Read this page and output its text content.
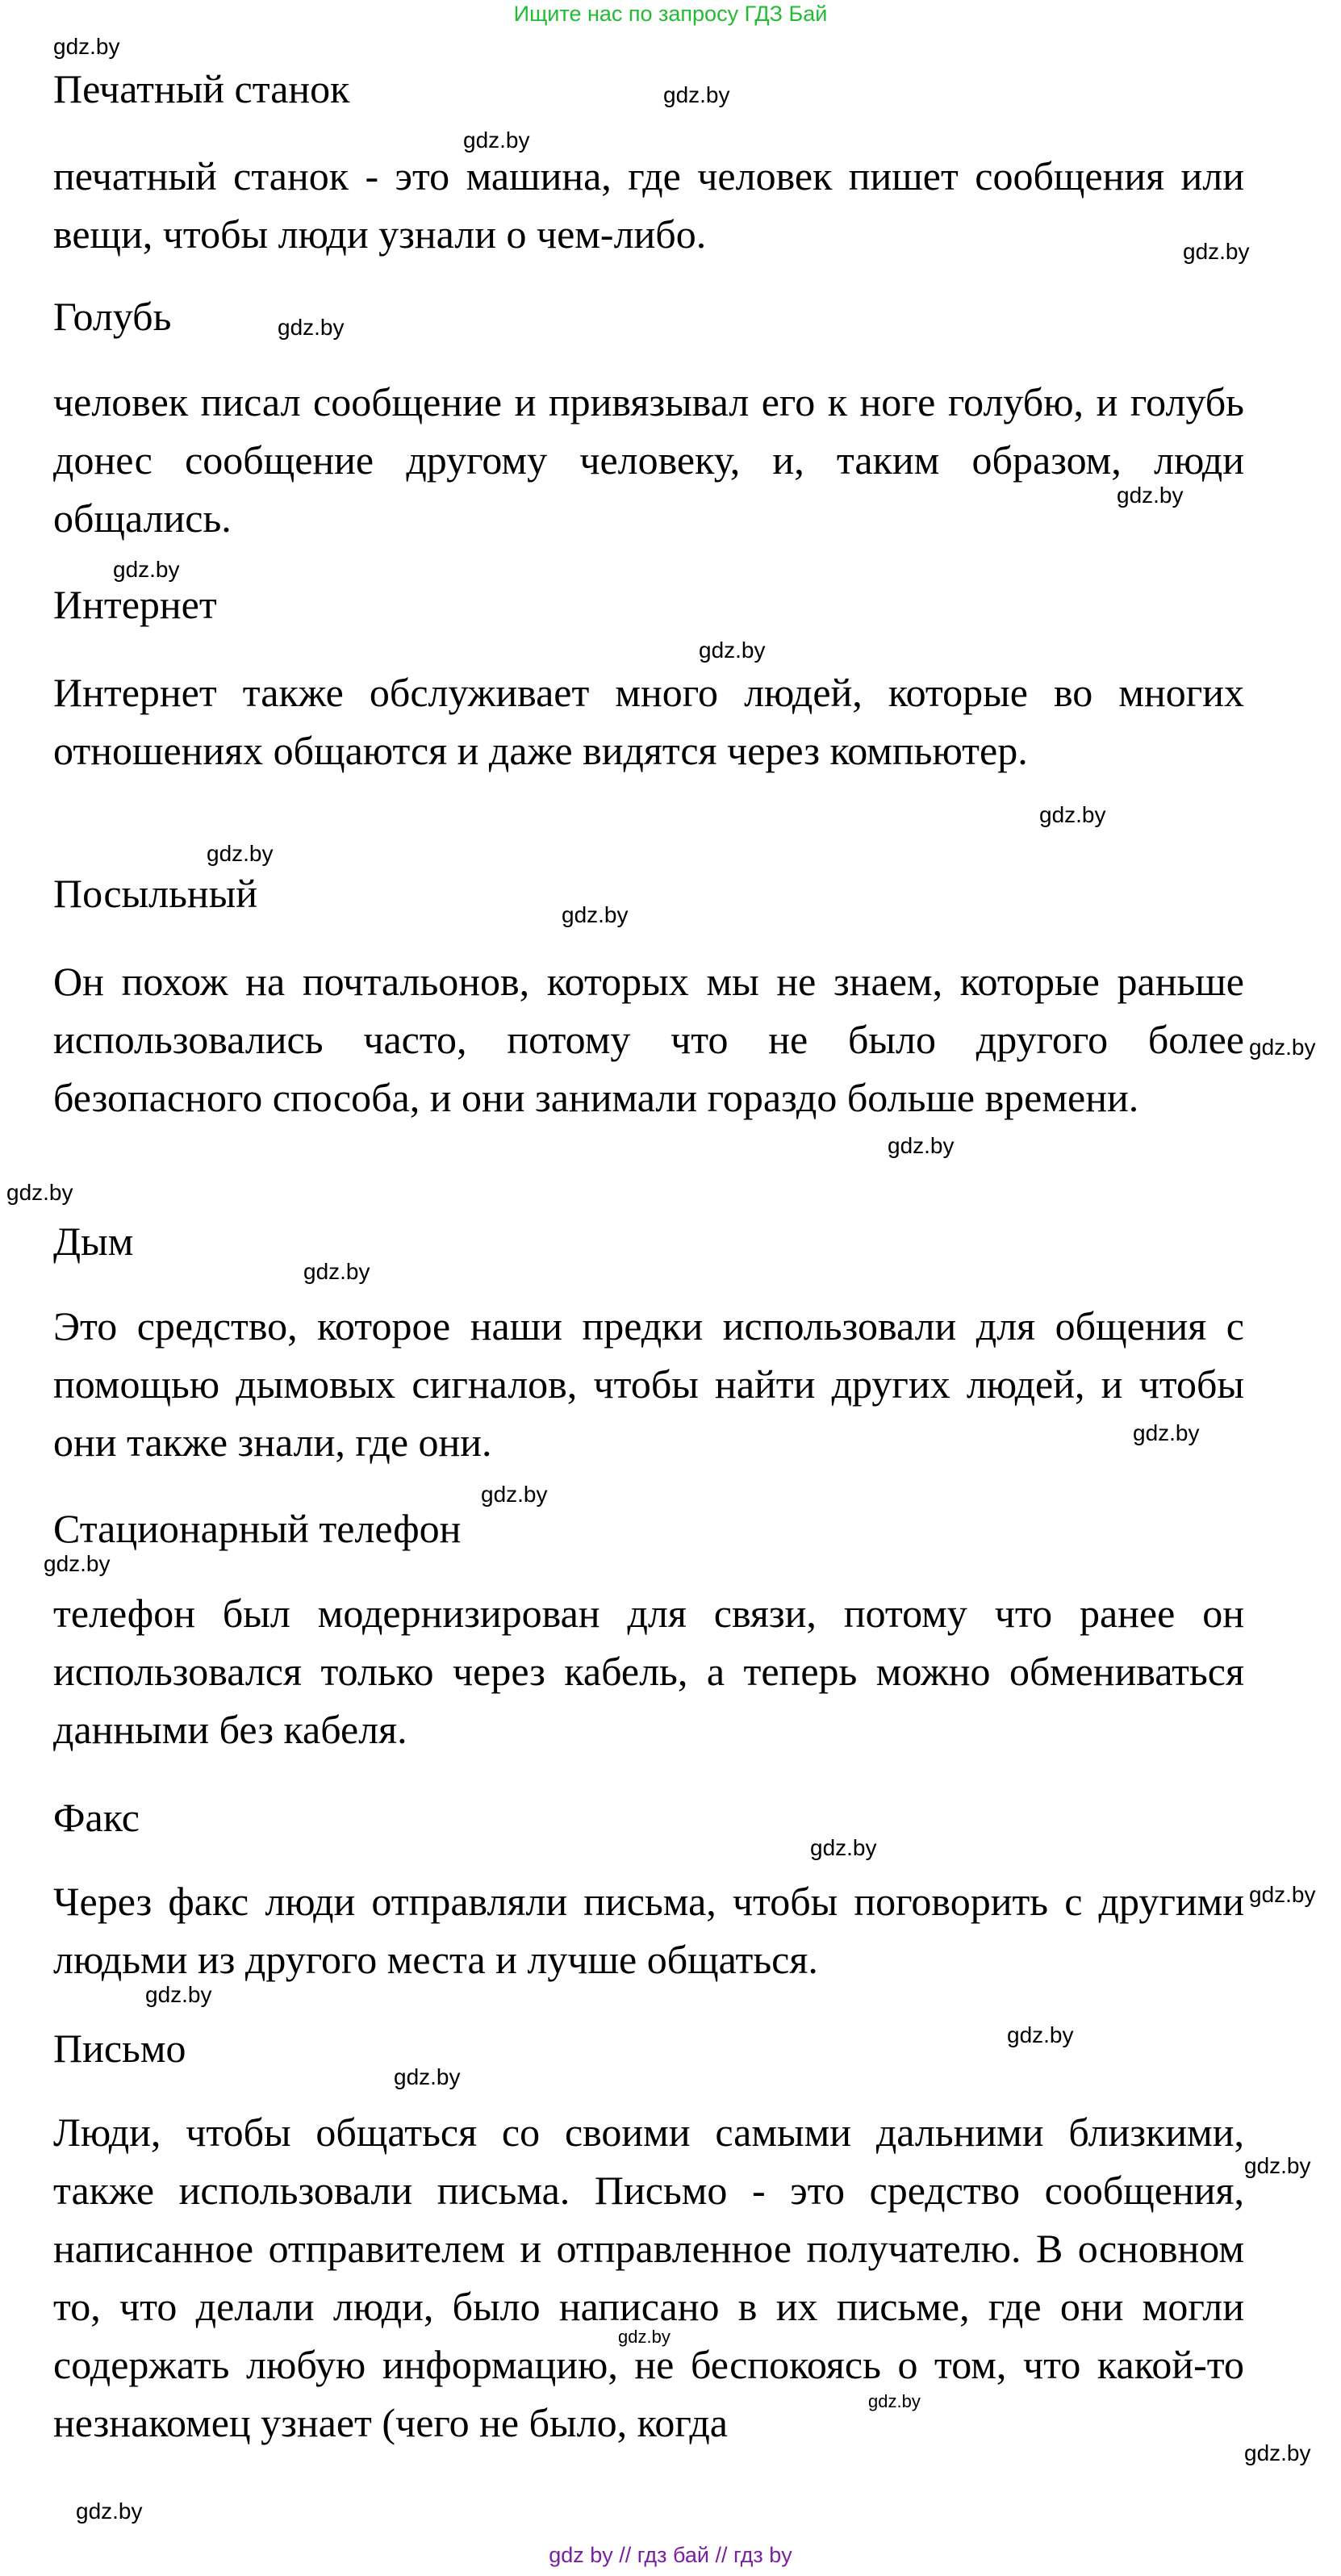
Ищите нас по запросу ГДЗ Бай
Печатный станок
печатный станок - это машина, где человек пишет сообщения или вещи, чтобы люди узнали о чем-либо.
Голубь
человек писал сообщение и привязывал его к ноге голубю, и голубь донес сообщение другому человеку, и, таким образом, люди общались.
Интернет
Интернет также обслуживает много людей, которые во многих отношениях общаются и даже видятся через компьютер.
Посыльный
Он похож на почтальонов, которых мы не знаем, которые раньше использовались часто, потому что не было другого более безопасного способа, и они занимали гораздо больше времени.
Дым
Это средство, которое наши предки использовали для общения с помощью дымовых сигналов, чтобы найти других людей, и чтобы они также знали, где они.
Стационарный телефон
телефон был модернизирован для связи, потому что ранее он использовался только через кабель, а теперь можно обмениваться данными без кабеля.
Факс
Через факс люди отправляли письма, чтобы поговорить с другими людьми из другого места и лучше общаться.
Письмо
Люди, чтобы общаться со своими самыми дальними близкими, также использовали письма. Письмо - это средство сообщения, написанное отправителем и отправленное получателю. В основном то, что делали люди, было написано в их письме, где они могли содержать любую информацию, не беспокоясь о том, что какой-то незнакомец узнает (чего не было, когда
gdz.by
gdz.by
gdz.by
gdz.by
gdz.by
gdz.by
gdz.by
gdz.by
gdz.by
gdz.by
gdz.by
gdz.by
gdz.by
gdz.by
gdz.by
gdz.by
gdz.by
gdz.by
gdz.by
gdz.by
gdz.by
gdz.by
gdz.by
gdz.by
gdz.by
gdz.by
gdz.by
gdz.by
gdz by // гдз бай // гдз by
